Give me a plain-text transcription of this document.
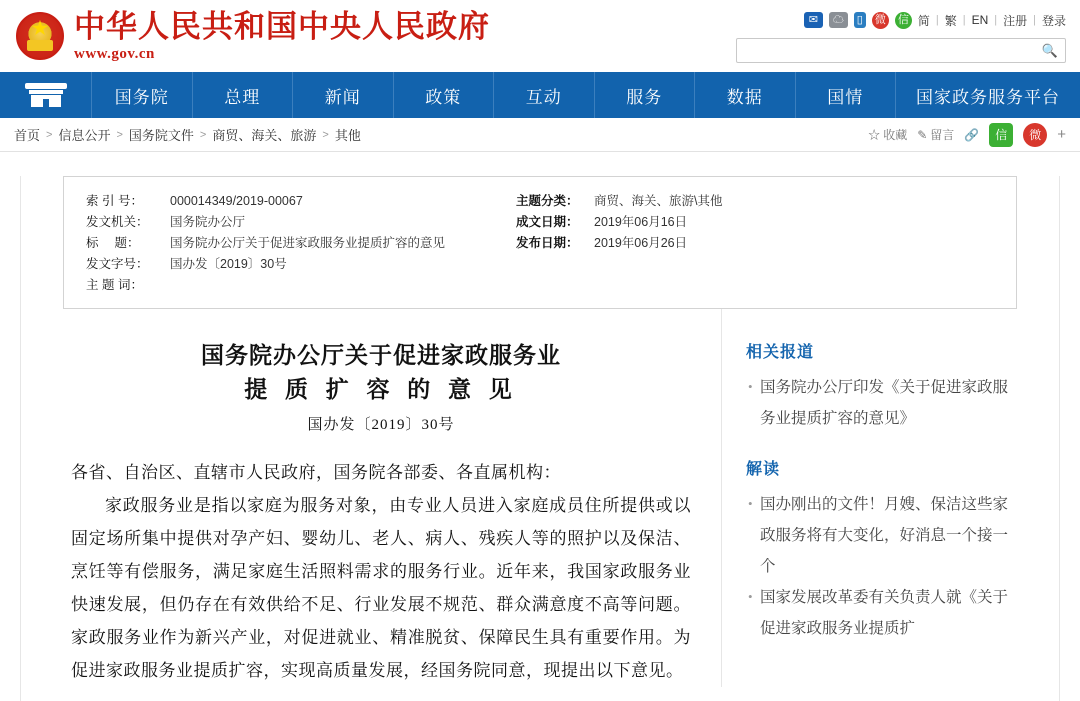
★
中华人民共和国中央人民政府
www.gov.cn
✉	☁	▯ 微 信 简 | 繁 | EN | 注册 | 登录
🔍
国务院	总理	新闻	政策	互动	服务	数据	国情	国家政务服务平台
首页 > 信息公开 > 国务院文件 > 商贸、海关、旅游 > 其他	☆ 收藏 ✎ 留言 🔗	信	微	+
索 引 号：	000014349/2019-00067
发文机关：	国务院办公厅
标　 题：	国务院办公厅关于促进家政服务业提质扩容的意见
发文字号：	国办发〔2019〕30号
主 题 词：
主题分类：	商贸、海关、旅游\其他
成文日期：	2019年06月16日
发布日期：	2019年06月26日
国务院办公厅关于促进家政服务业
提 质 扩 容 的 意 见
国办发〔2019〕30号

各省、自治区、直辖市人民政府，国务院各部委、各直属机构：

家政服务业是指以家庭为服务对象，由专业人员进入家庭成员住所提供或以固定场所集中提供对孕产妇、婴幼儿、老人、病人、残疾人等的照护以及保洁、烹饪等有偿服务，满足家庭生活照料需求的服务行业。近年来，我国家政服务业快速发展，但仍存在有效供给不足、行业发展不规范、群众满意度不高等问题。家政服务业作为新兴产业，对促进就业、精准脱贫、保障民生具有重要作用。为促进家政服务业提质扩容，实现高质量发展，经国务院同意，现提出以下意见。

相关报道
• 国务院办公厅印发《关于促进家政服务业提质扩容的意见》
解读
• 国办刚出的文件！月嫂、保洁这些家政服务将有大变化，好消息一个接一个
• 国家发展改革委有关负责人就《关于促进家政服务业提质扩
